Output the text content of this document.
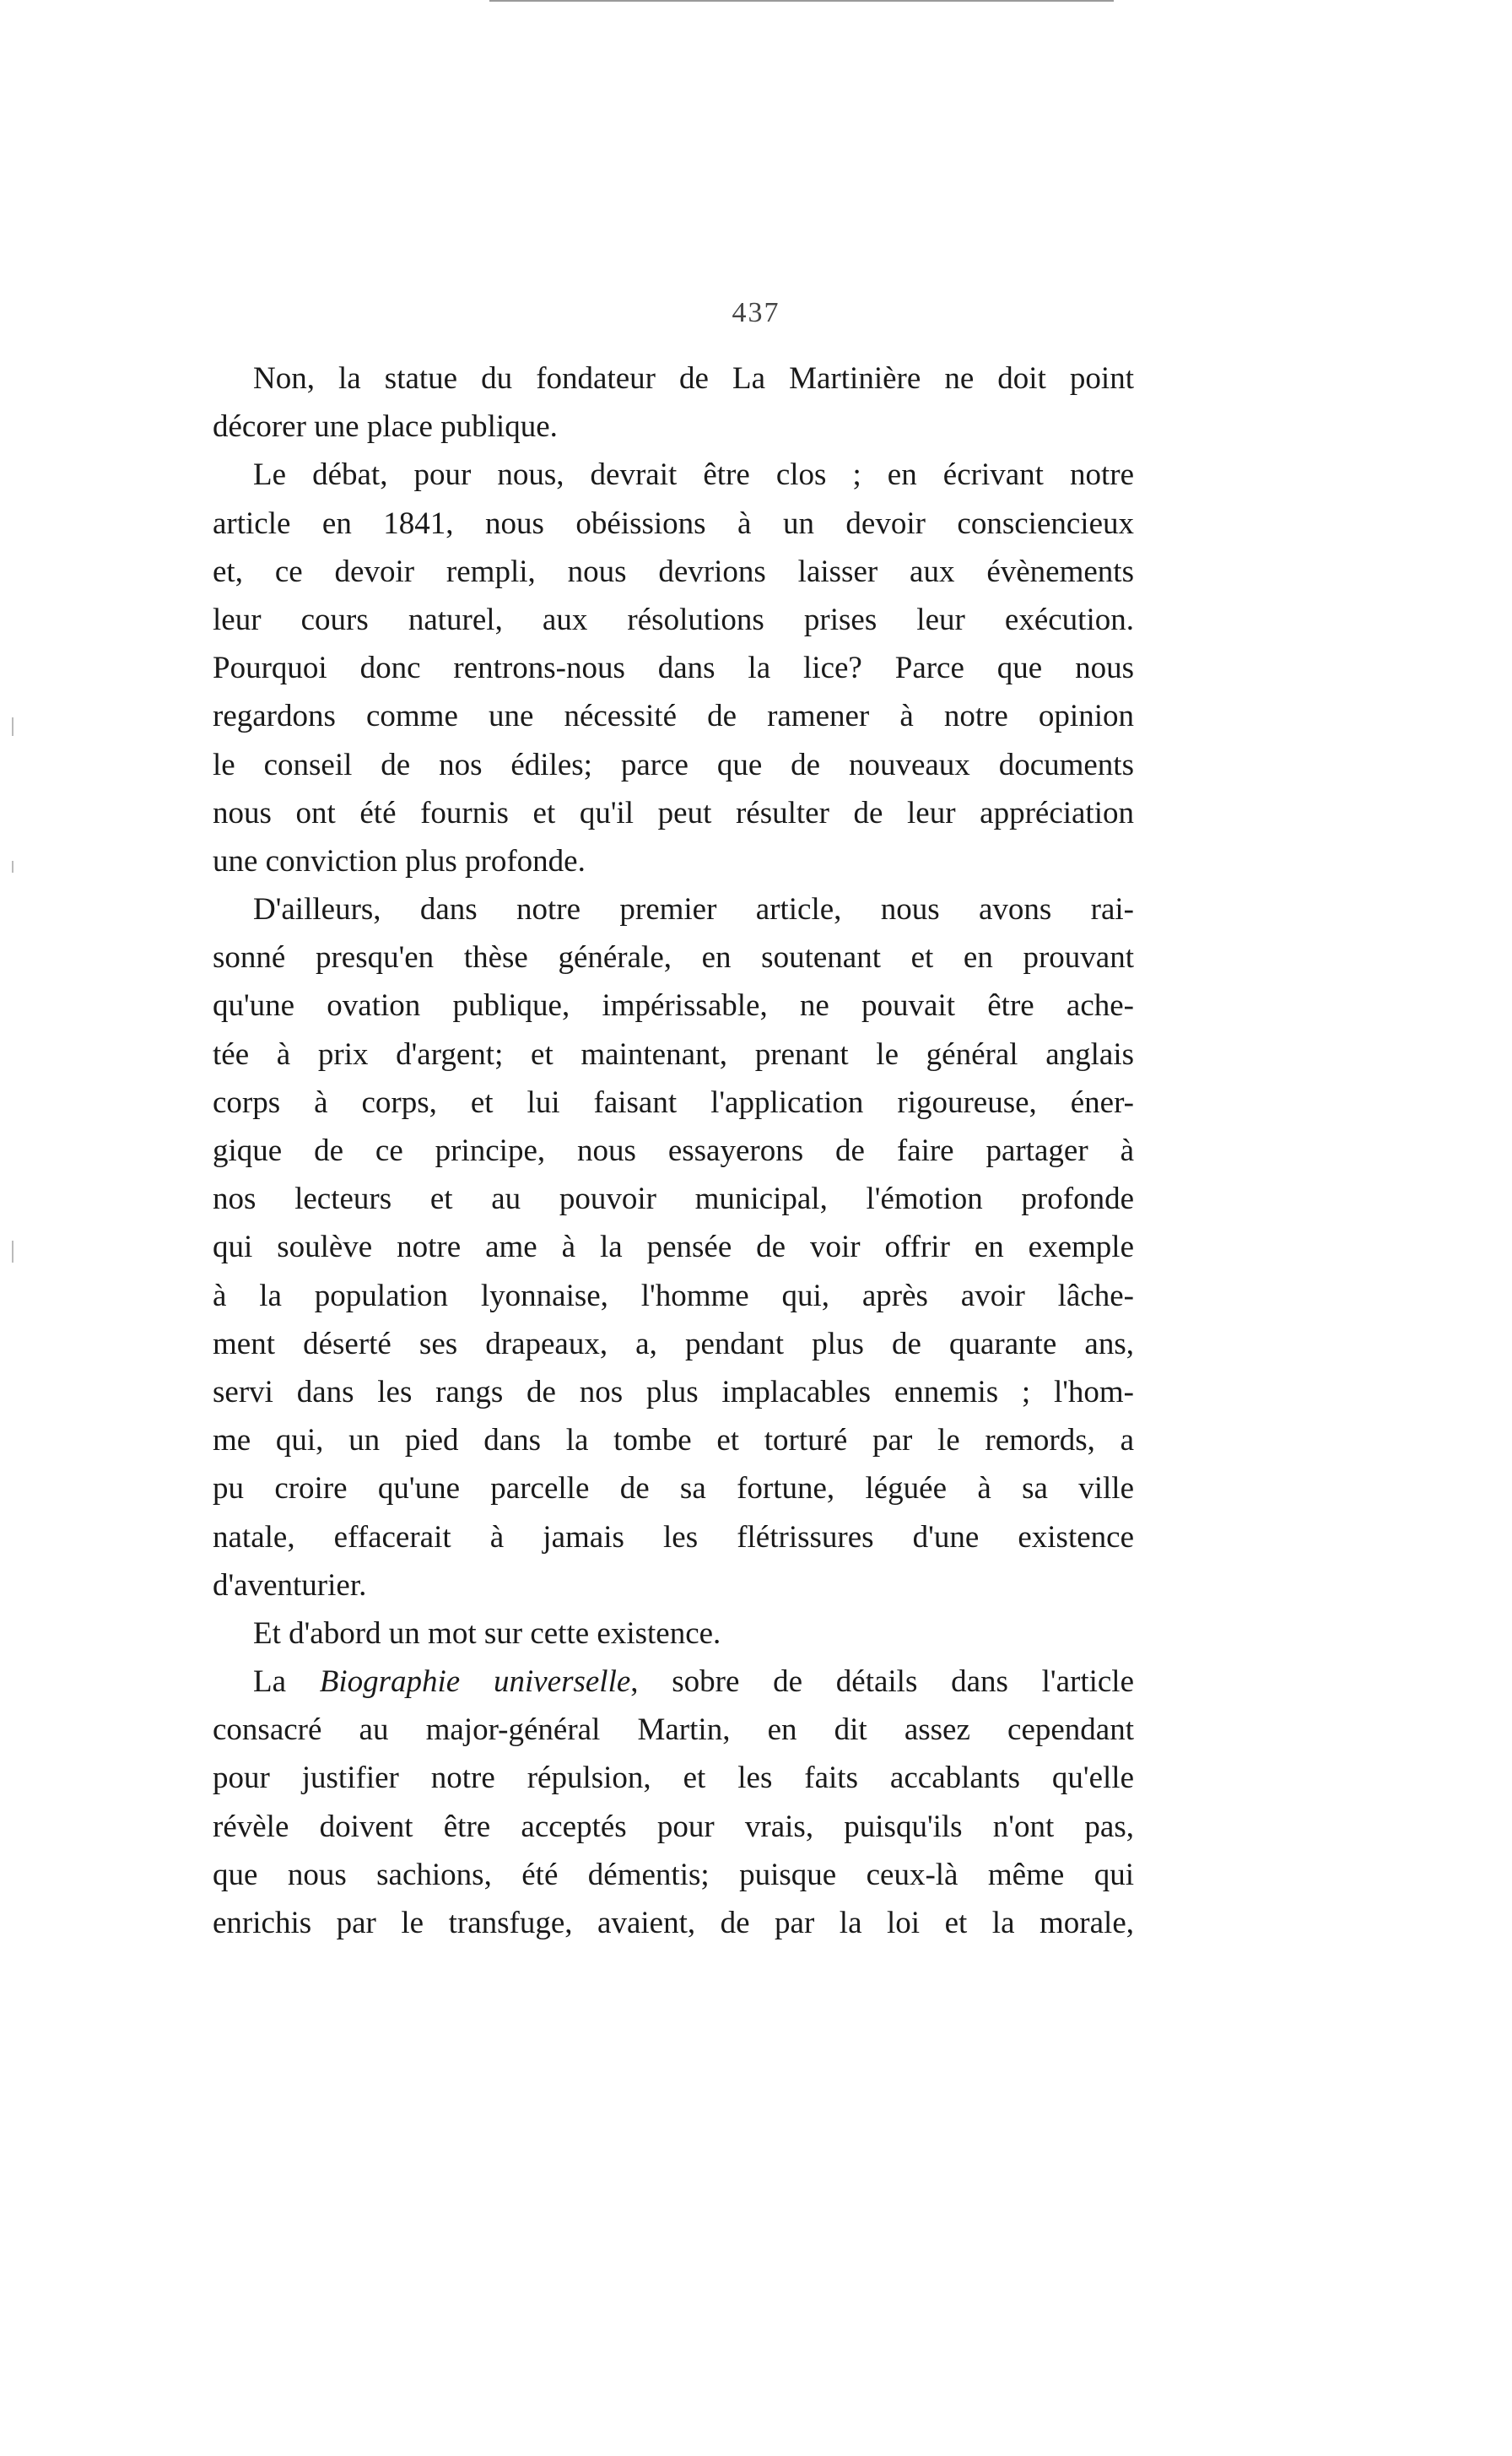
437
Non, la statue du fondateur de La Martinière ne doit point
décorer une place publique.
Le débat, pour nous, devrait être clos ; en écrivant notre
article en 1841, nous obéissions à un devoir consciencieux
et, ce devoir rempli, nous devrions laisser aux évènements
leur cours naturel, aux résolutions prises leur exécution.
Pourquoi donc rentrons-nous dans la lice? Parce que nous
regardons comme une nécessité de ramener à notre opinion
le conseil de nos édiles; parce que de nouveaux documents
nous ont été fournis et qu'il peut résulter de leur appréciation
une conviction plus profonde.
D'ailleurs, dans notre premier article, nous avons rai-
sonné presqu'en thèse générale, en soutenant et en prouvant
qu'une ovation publique, impérissable, ne pouvait être ache-
tée à prix d'argent; et maintenant, prenant le général anglais
corps à corps, et lui faisant l'application rigoureuse, éner-
gique de ce principe, nous essayerons de faire partager à
nos lecteurs et au pouvoir municipal, l'émotion profonde
qui soulève notre ame à la pensée de voir offrir en exemple
à la population lyonnaise, l'homme qui, après avoir lâche-
ment déserté ses drapeaux, a, pendant plus de quarante ans,
servi dans les rangs de nos plus implacables ennemis ; l'hom-
me qui, un pied dans la tombe et torturé par le remords, a
pu croire qu'une parcelle de sa fortune, léguée à sa ville
natale, effacerait à jamais les flétrissures d'une existence
d'aventurier.
Et d'abord un mot sur cette existence.
La Biographie universelle, sobre de détails dans l'article
consacré au major-général Martin, en dit assez cependant
pour justifier notre répulsion, et les faits accablants qu'elle
révèle doivent être acceptés pour vrais, puisqu'ils n'ont pas,
que nous sachions, été démentis; puisque ceux-là même qui
enrichis par le transfuge, avaient, de par la loi et la morale,
